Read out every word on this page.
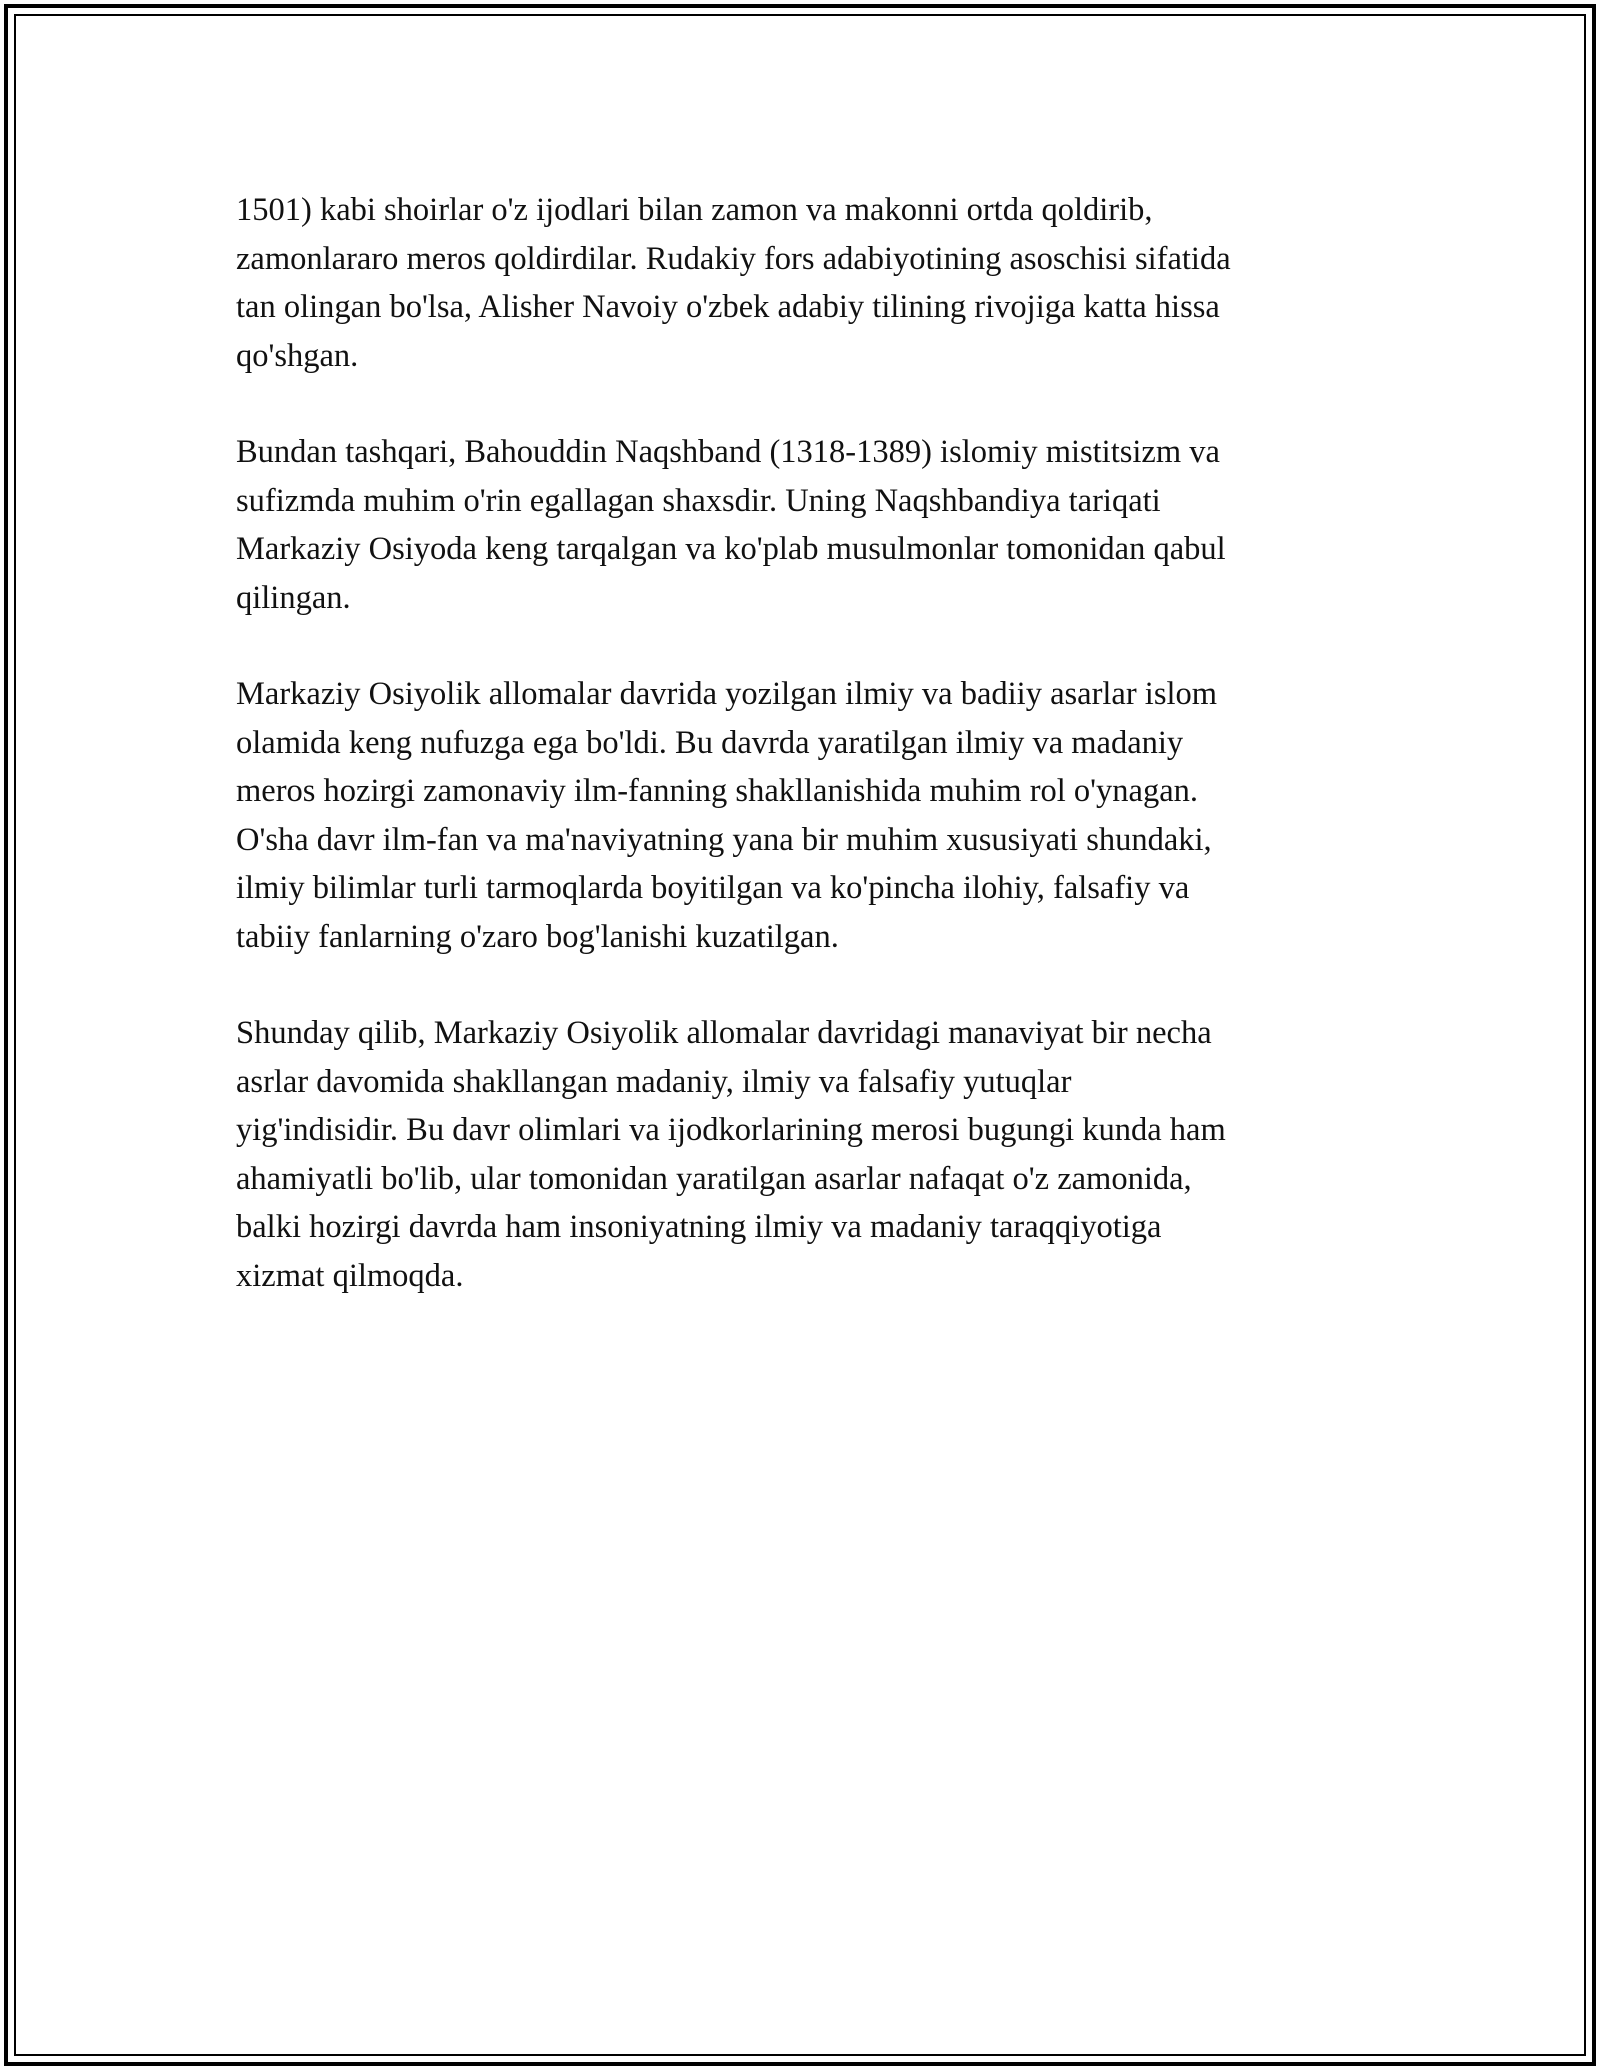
1501) kabi shoirlar o'z ijodlari bilan zamon va makonni ortda qoldirib,
zamonlararo meros qoldirdilar. Rudakiy fors adabiyotining asoschisi sifatida
tan olingan bo'lsa, Alisher Navoiy o'zbek adabiy tilining rivojiga katta hissa
qo'shgan.

Bundan tashqari, Bahouddin Naqshband (1318-1389) islomiy mistitsizm va
sufizmda muhim o'rin egallagan shaxsdir. Uning Naqshbandiya tariqati
Markaziy Osiyoda keng tarqalgan va ko'plab musulmonlar tomonidan qabul
qilingan.

Markaziy Osiyolik allomalar davrida yozilgan ilmiy va badiiy asarlar islom
olamida keng nufuzga ega bo'ldi. Bu davrda yaratilgan ilmiy va madaniy
meros hozirgi zamonaviy ilm-fanning shakllanishida muhim rol o'ynagan.
O'sha davr ilm-fan va ma'naviyatning yana bir muhim xususiyati shundaki,
ilmiy bilimlar turli tarmoqlarda boyitilgan va ko'pincha ilohiy, falsafiy va
tabiiy fanlarning o'zaro bog'lanishi kuzatilgan.

Shunday qilib, Markaziy Osiyolik allomalar davridagi manaviyat bir necha
asrlar davomida shakllangan madaniy, ilmiy va falsafiy yutuqlar
yig'indisidir. Bu davr olimlari va ijodkorlarining merosi bugungi kunda ham
ahamiyatli bo'lib, ular tomonidan yaratilgan asarlar nafaqat o'z zamonida,
balki hozirgi davrda ham insoniyatning ilmiy va madaniy taraqqiyotiga
xizmat qilmoqda.
